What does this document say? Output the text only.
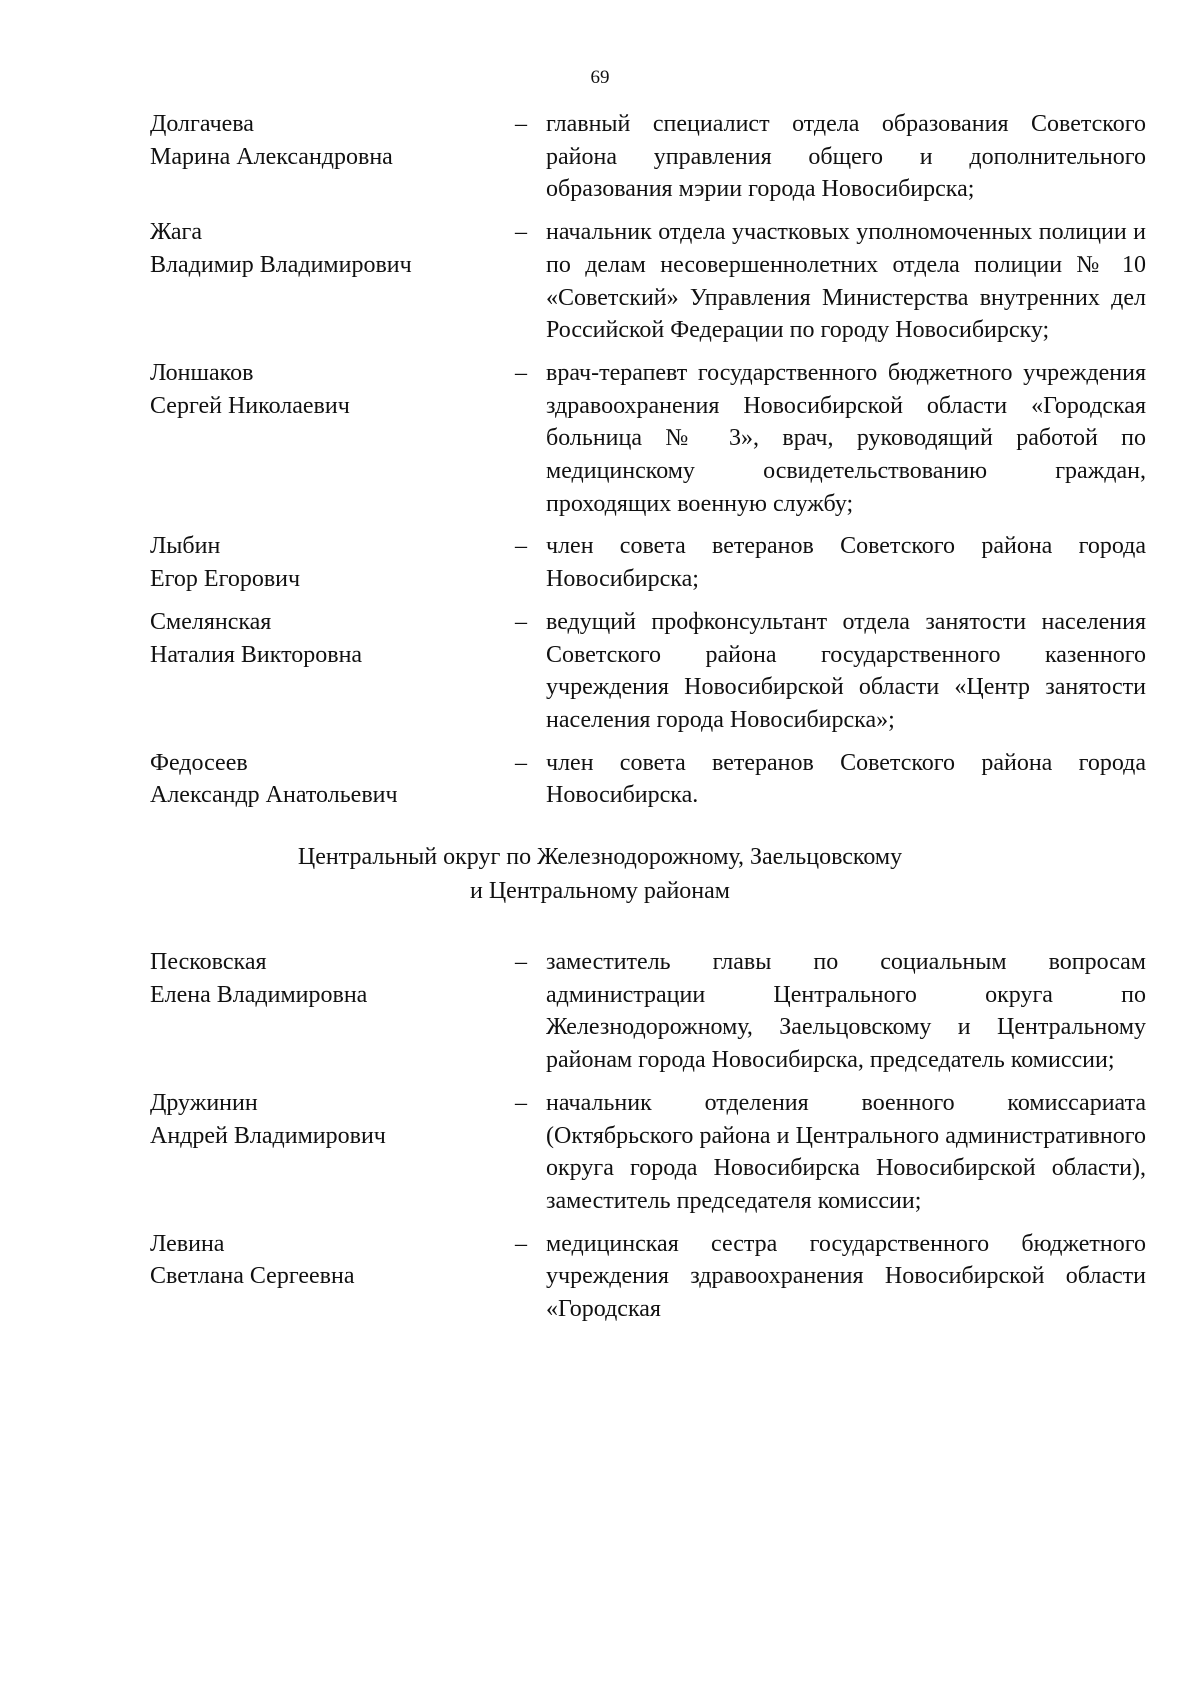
69
Долгачева
Марина Александровна
– главный специалист отдела образования Советского района управления общего и дополнительного образования мэрии города Новосибирска;
Жага
Владимир Владимирович
– начальник отдела участковых уполномоченных полиции и по делам несовершеннолетних отдела полиции № 10 «Советский» Управления Министерства внутренних дел Российской Федерации по городу Новосибирску;
Лоншаков
Сергей Николаевич
– врач-терапевт государственного бюджетного учреждения здравоохранения Новосибирской области «Городская больница № 3», врач, руководящий работой по медицинскому освидетельствованию граждан, проходящих военную службу;
Лыбин
Егор Егорович
– член совета ветеранов Советского района города Новосибирска;
Смелянская
Наталия Викторовна
– ведущий профконсультант отдела занятости населения Советского района государственного казенного учреждения Новосибирской области «Центр занятости населения города Новосибирска»;
Федосеев
Александр Анатольевич
– член совета ветеранов Советского района города Новосибирска.
Центральный округ по Железнодорожному, Заельцовскому
и Центральному районам
Песковская
Елена Владимировна
– заместитель главы по социальным вопросам администрации Центрального округа по Железнодорожному, Заельцовскому и Центральному районам города Новосибирска, председатель комиссии;
Дружинин
Андрей Владимирович
– начальник отделения военного комиссариата (Октябрьского района и Центрального административного округа города Новосибирска Новосибирской области), заместитель председателя комиссии;
Левина
Светлана Сергеевна
– медицинская сестра государственного бюджетного учреждения здравоохранения Новосибирской области «Городская
